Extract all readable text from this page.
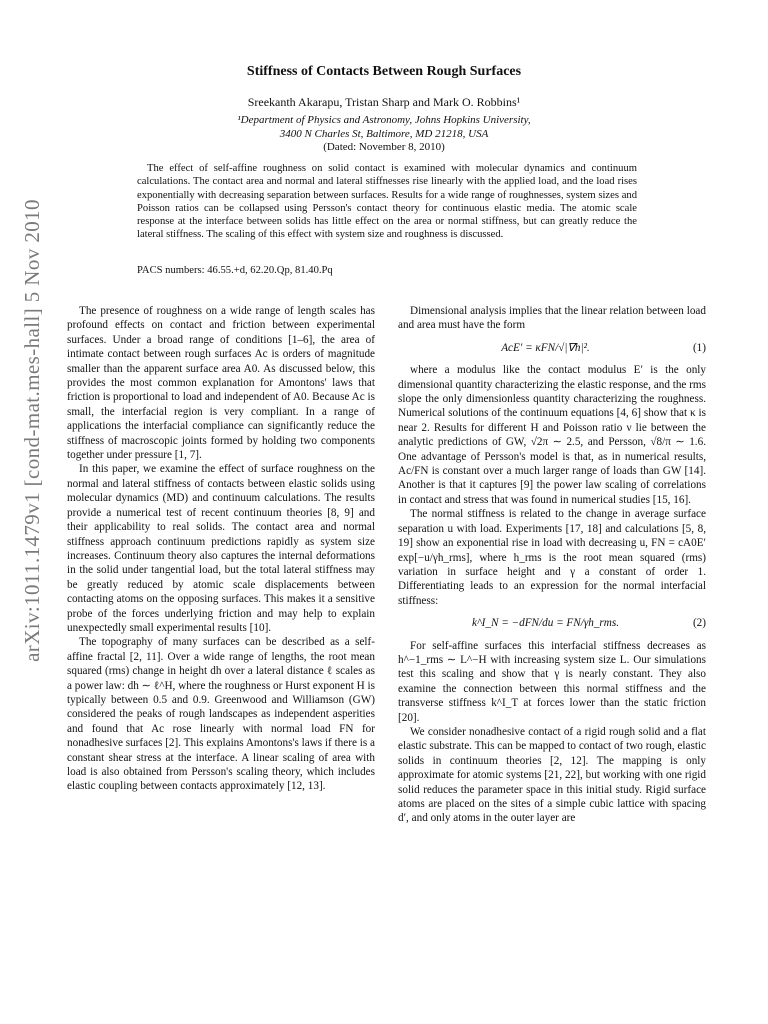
arXiv:1011.1479v1 [cond-mat.mes-hall] 5 Nov 2010
Stiffness of Contacts Between Rough Surfaces
Sreekanth Akarapu, Tristan Sharp and Mark O. Robbins¹
¹Department of Physics and Astronomy, Johns Hopkins University,
3400 N Charles St, Baltimore, MD 21218, USA
(Dated: November 8, 2010)
The effect of self-affine roughness on solid contact is examined with molecular dynamics and continuum calculations. The contact area and normal and lateral stiffnesses rise linearly with the applied load, and the load rises exponentially with decreasing separation between surfaces. Results for a wide range of roughnesses, system sizes and Poisson ratios can be collapsed using Persson's contact theory for continuous elastic media. The atomic scale response at the interface between solids has little effect on the area or normal stiffness, but can greatly reduce the lateral stiffness. The scaling of this effect with system size and roughness is discussed.
PACS numbers: 46.55.+d, 62.20.Qp, 81.40.Pq

The presence of roughness on a wide range of length scales has profound effects on contact and friction between experimental surfaces. Under a broad range of conditions [1–6], the area of intimate contact between rough surfaces Ac is orders of magnitude smaller than the apparent surface area A0. As discussed below, this provides the most common explanation for Amontons' laws that friction is proportional to load and independent of A0. Because Ac is small, the interfacial region is very compliant. In a range of applications the interfacial compliance can significantly reduce the stiffness of macroscopic joints formed by holding two components together under pressure [1, 7].

In this paper, we examine the effect of surface roughness on the normal and lateral stiffness of contacts between elastic solids using molecular dynamics (MD) and continuum calculations. The results provide a numerical test of recent continuum theories [8, 9] and their applicability to real solids. The contact area and normal stiffness approach continuum predictions rapidly as system size increases. Continuum theory also captures the internal deformations in the solid under tangential load, but the total lateral stiffness may be greatly reduced by atomic scale displacements between contacting atoms on the opposing surfaces. This makes it a sensitive probe of the forces underlying friction and may help to explain unexpectedly small experimental results [10].

The topography of many surfaces can be described as a self-affine fractal [2, 11]. Over a wide range of lengths, the root mean squared (rms) change in height dh over a lateral distance ℓ scales as a power law: dh ∼ ℓ^H, where the roughness or Hurst exponent H is typically between 0.5 and 0.9. Greenwood and Williamson (GW) considered the peaks of rough landscapes as independent asperities and found that Ac rose linearly with normal load FN for nonadhesive surfaces [2]. This explains Amontons's laws if there is a constant shear stress at the interface. A linear scaling of area with load is also obtained from Persson's scaling theory, which includes elastic coupling between contacts approximately [12, 13].

Dimensional analysis implies that the linear relation between load and area must have the form

AcE′ = κFN/√|∇h|².	(1)

where a modulus like the contact modulus E′ is the only dimensional quantity characterizing the elastic response, and the rms slope the only dimensionless quantity characterizing the roughness. Numerical solutions of the continuum equations [4, 6] show that κ is near 2. Results for different H and Poisson ratio ν lie between the analytic predictions of GW, √2π ∼ 2.5, and Persson, √8/π ∼ 1.6. One advantage of Persson's model is that, as in numerical results, Ac/FN is constant over a much larger range of loads than GW [14]. Another is that it captures [9] the power law scaling of correlations in contact and stress that was found in numerical studies [15, 16].

The normal stiffness is related to the change in average surface separation u with load. Experiments [17, 18] and calculations [5, 8, 19] show an exponential rise in load with decreasing u, FN = cA0E′ exp[−u/γh_rms], where h_rms is the root mean squared (rms) variation in surface height and γ a constant of order 1. Differentiating leads to an expression for the normal interfacial stiffness:

k^I_N = −dFN/du = FN/γh_rms.	(2)

For self-affine surfaces this interfacial stiffness decreases as h^−1_rms ∼ L^−H with increasing system size L. Our simulations test this scaling and show that γ is nearly constant. They also examine the connection between this normal stiffness and the transverse stiffness k^I_T at forces lower than the static friction [20].

We consider nonadhesive contact of a rigid rough solid and a flat elastic substrate. This can be mapped to contact of two rough, elastic solids in continuum theories [2, 12]. The mapping is only approximate for atomic systems [21, 22], but working with one rigid solid reduces the parameter space in this initial study. Rigid surface atoms are placed on the sites of a simple cubic lattice with spacing d′, and only atoms in the outer layer are
